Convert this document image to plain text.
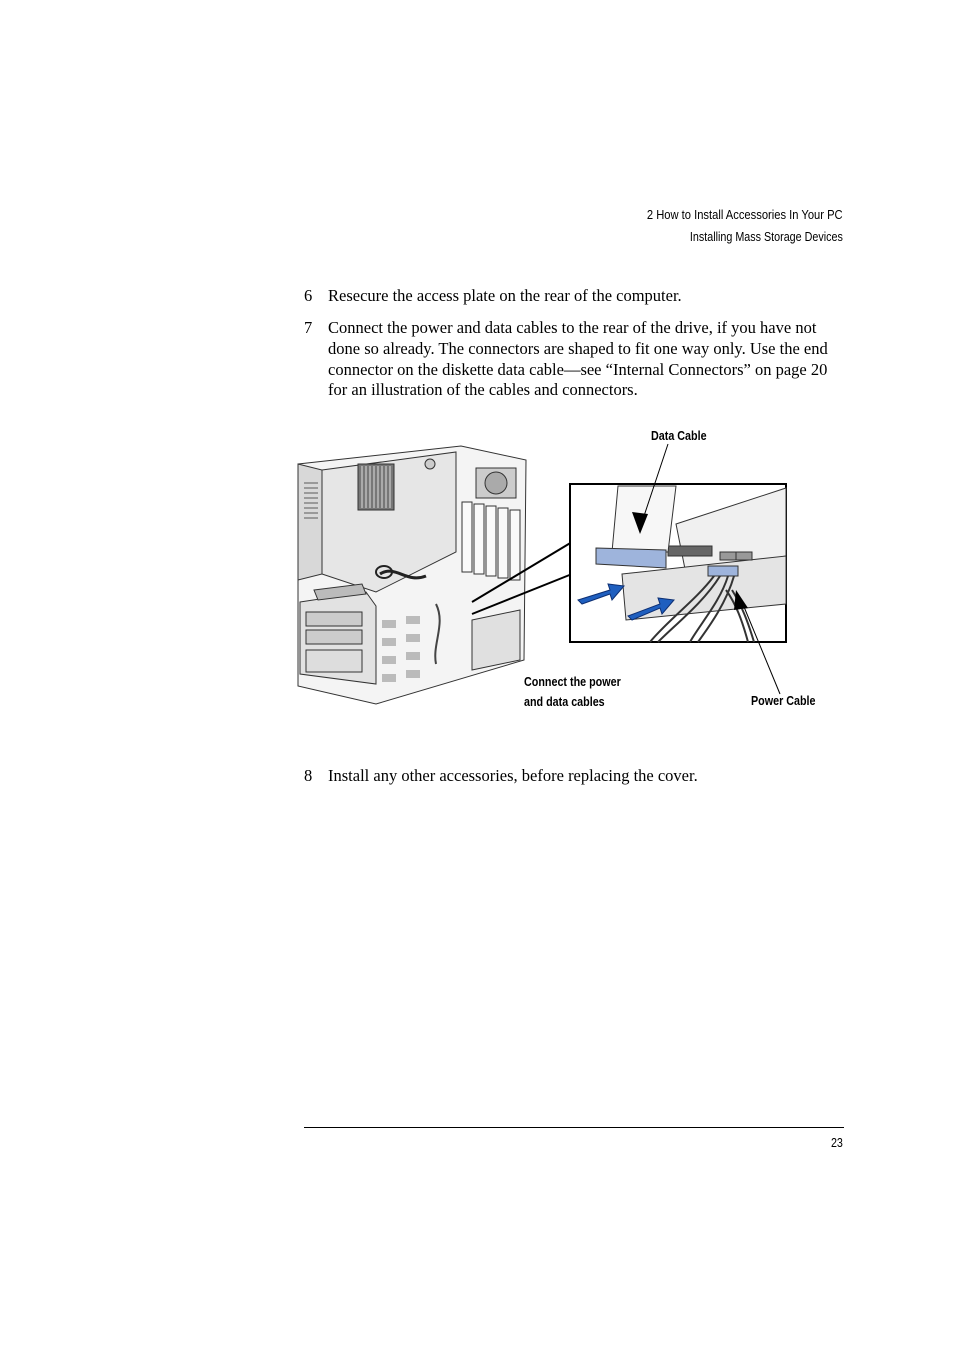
2 How to Install Accessories In Your PC
Installing Mass Storage Devices
6 Resecure the access plate on the rear of the computer.
7 Connect the power and data cables to the rear of the drive, if you have not done so already. The connectors are shaped to fit one way only. Use the end connector on the diskette data cable—see “Internal Connectors” on page 20 for an illustration of the cables and connectors.
Data Cable
Connect the power
and data cables	Power Cable
8 Install any other accessories, before replacing the cover.
23
